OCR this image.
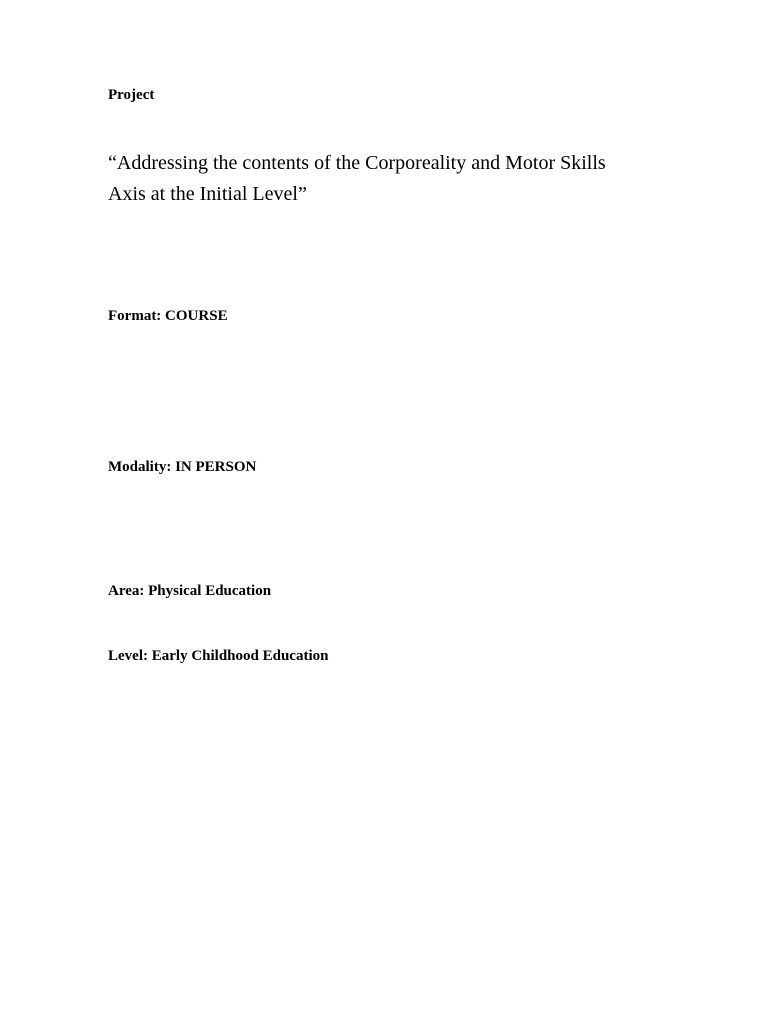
Project
“Addressing the contents of the Corporeality and Motor Skills
Axis at the Initial Level”
Format: COURSE
Modality: IN PERSON
Area: Physical Education
Level: Early Childhood Education
